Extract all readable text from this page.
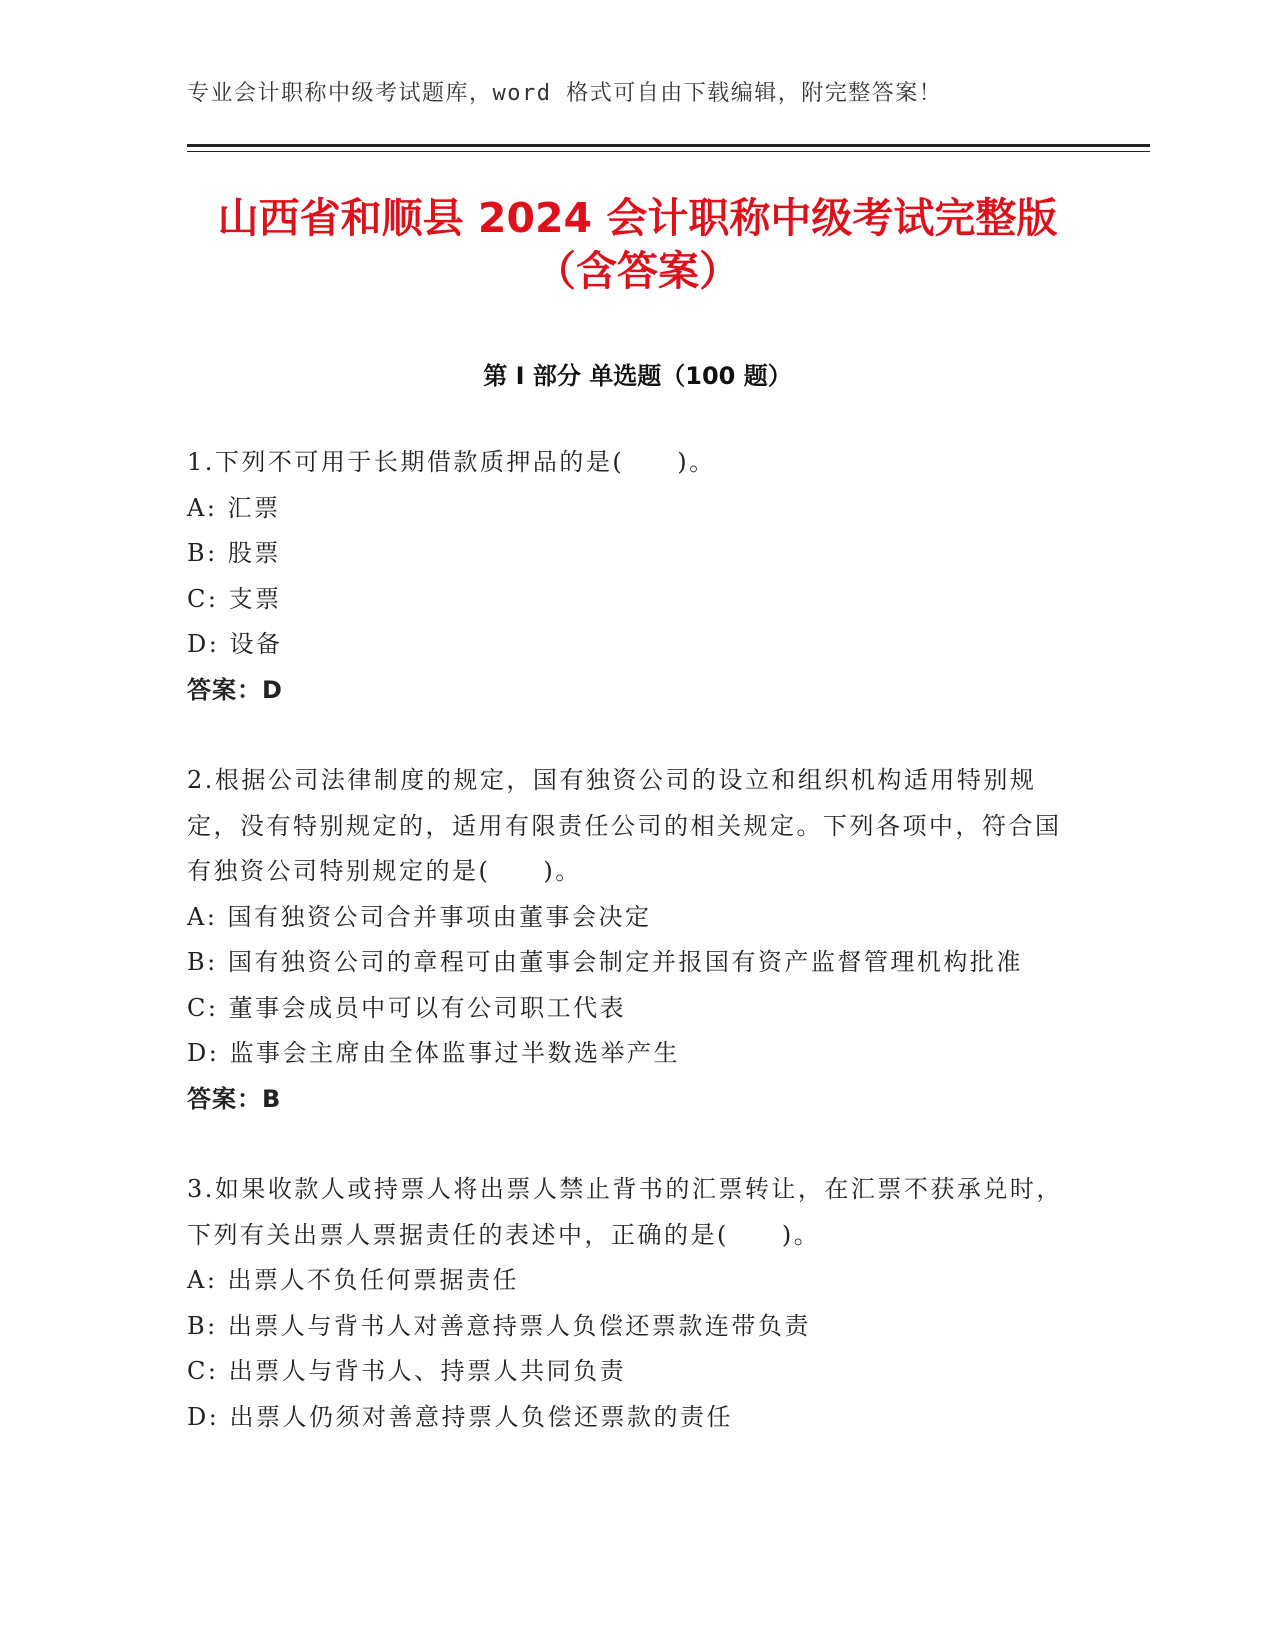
专业会计职称中级考试题库，word 格式可自由下载编辑，附完整答案！
山西省和顺县 2024 会计职称中级考试完整版
（含答案）
第 I 部分 单选题（100 题）

1.下列不可用于长期借款质押品的是(　　)。

A: 汇票

B: 股票

C: 支票

D: 设备

答案：D

2.根据公司法律制度的规定，国有独资公司的设立和组织机构适用特别规定，没有特别规定的，适用有限责任公司的相关规定。下列各项中，符合国有独资公司特别规定的是(　　)。

A: 国有独资公司合并事项由董事会决定

B: 国有独资公司的章程可由董事会制定并报国有资产监督管理机构批准

C: 董事会成员中可以有公司职工代表

D: 监事会主席由全体监事过半数选举产生

答案：B

3.如果收款人或持票人将出票人禁止背书的汇票转让，在汇票不获承兑时，下列有关出票人票据责任的表述中，正确的是(　　)。

A: 出票人不负任何票据责任

B: 出票人与背书人对善意持票人负偿还票款连带负责

C: 出票人与背书人、持票人共同负责

D: 出票人仍须对善意持票人负偿还票款的责任
